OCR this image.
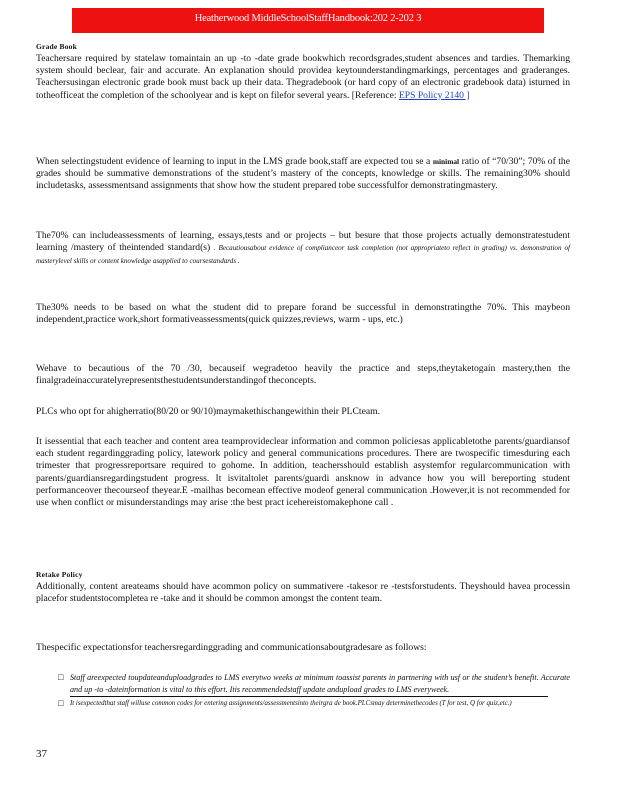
Heatherwood MiddleSchoolStaffHandbook:202 2-202 3
Grade Book
Teachersare required by statelaw tomaintain an up -to -date grade bookwhich recordsgrades,student absences and tardies. Themarking system should beclear, fair and accurate. An explanation should providea keytounderstandingmarkings, percentages and graderanges. Teachersusingan electronic grade book must back up their data. Thegradebook (or hard copy of an electronic gradebook data) isturned in totheofficeat the completion of the schoolyear and is kept on filefor several years. [Reference: EPS Policy 2140 ]
When selectingstudent evidence of learning to input in the LMS grade book,staff are expected tou se a minimal ratio of “70/30”; 70% of the grades should be summative demonstrations of the student’s mastery of the concepts, knowledge or skills. The remaining30% should includetasks, assessmentsand assignments that show how the student prepared tobe successfulfor demonstratingmastery.
The70% can includeassessments of learning, essays,tests and or projects – but besure that those projects actually demonstratestudent learning /mastery of theintended standard(s) . Becautiousabout evidence of complianceor task completion (not appropriateto reflect in grading) vs. demonstration of masterylevel skills or content knowledge asapplied to coursestandards .
The30% needs to be based on what the student did to prepare forand be successful in demonstratingthe 70%. This maybeon independent,practice work,short formativeassessments(quick quizzes,reviews, warm - ups, etc.)
Wehave to becautious of the 70 /30, becauseif wegradetoo heavily the practice and steps,theytaketogain mastery,then the finalgradeinaccuratelyrepresentsthestudentsunderstandingof theconcepts.
PLCs who opt for ahigherratio(80/20 or 90/10)maymakethischangewithin their PLCteam.
It isessential that each teacher and content area teamprovideclear information and common policiesas applicabletothe parents/guardiansof each student regardinggrading policy, latework policy and general communications procedures. There are twospecific timesduring each trimester that progressreportsare required to gohome. In addition, teachersshould establish asystemfor regularcommunication with parents/guardiansregardingstudent progress. It isvitaltolet parents/guardi ansknow in advance how you will bereporting student performanceover thecourseof theyear.E -mailhas becomean effective modeof general communication .However,it is not recommended for use when conflict or misunderstandings may arise :the best pract icehereistomakephone call .
Retake Policy
Additionally, content areateams should have acommon policy on summativere -takesor re -testsforstudents. Theyshould havea processin placefor studentstocompletea re -take and it should be common amongst the content team.
Thespecific expectationsfor teachersregardinggrading and communicationsaboutgradesare as follows:
□ Staff areexpected toupdateanduploadgrades to LMS everytwo weeks at minimum toassist parents in partnering with usf or the student’s benefit. Accurate and up -to -dateinformation is vital to this effort. Itis recommendedstaff update andupload grades to LMS everyweek.
□ It isexpectedthat staff willuse common codes for entering assignments/assessmentsinto theirgra de book.PLCsmay determinethecodes (T for test, Q for quiz,etc.)
37
